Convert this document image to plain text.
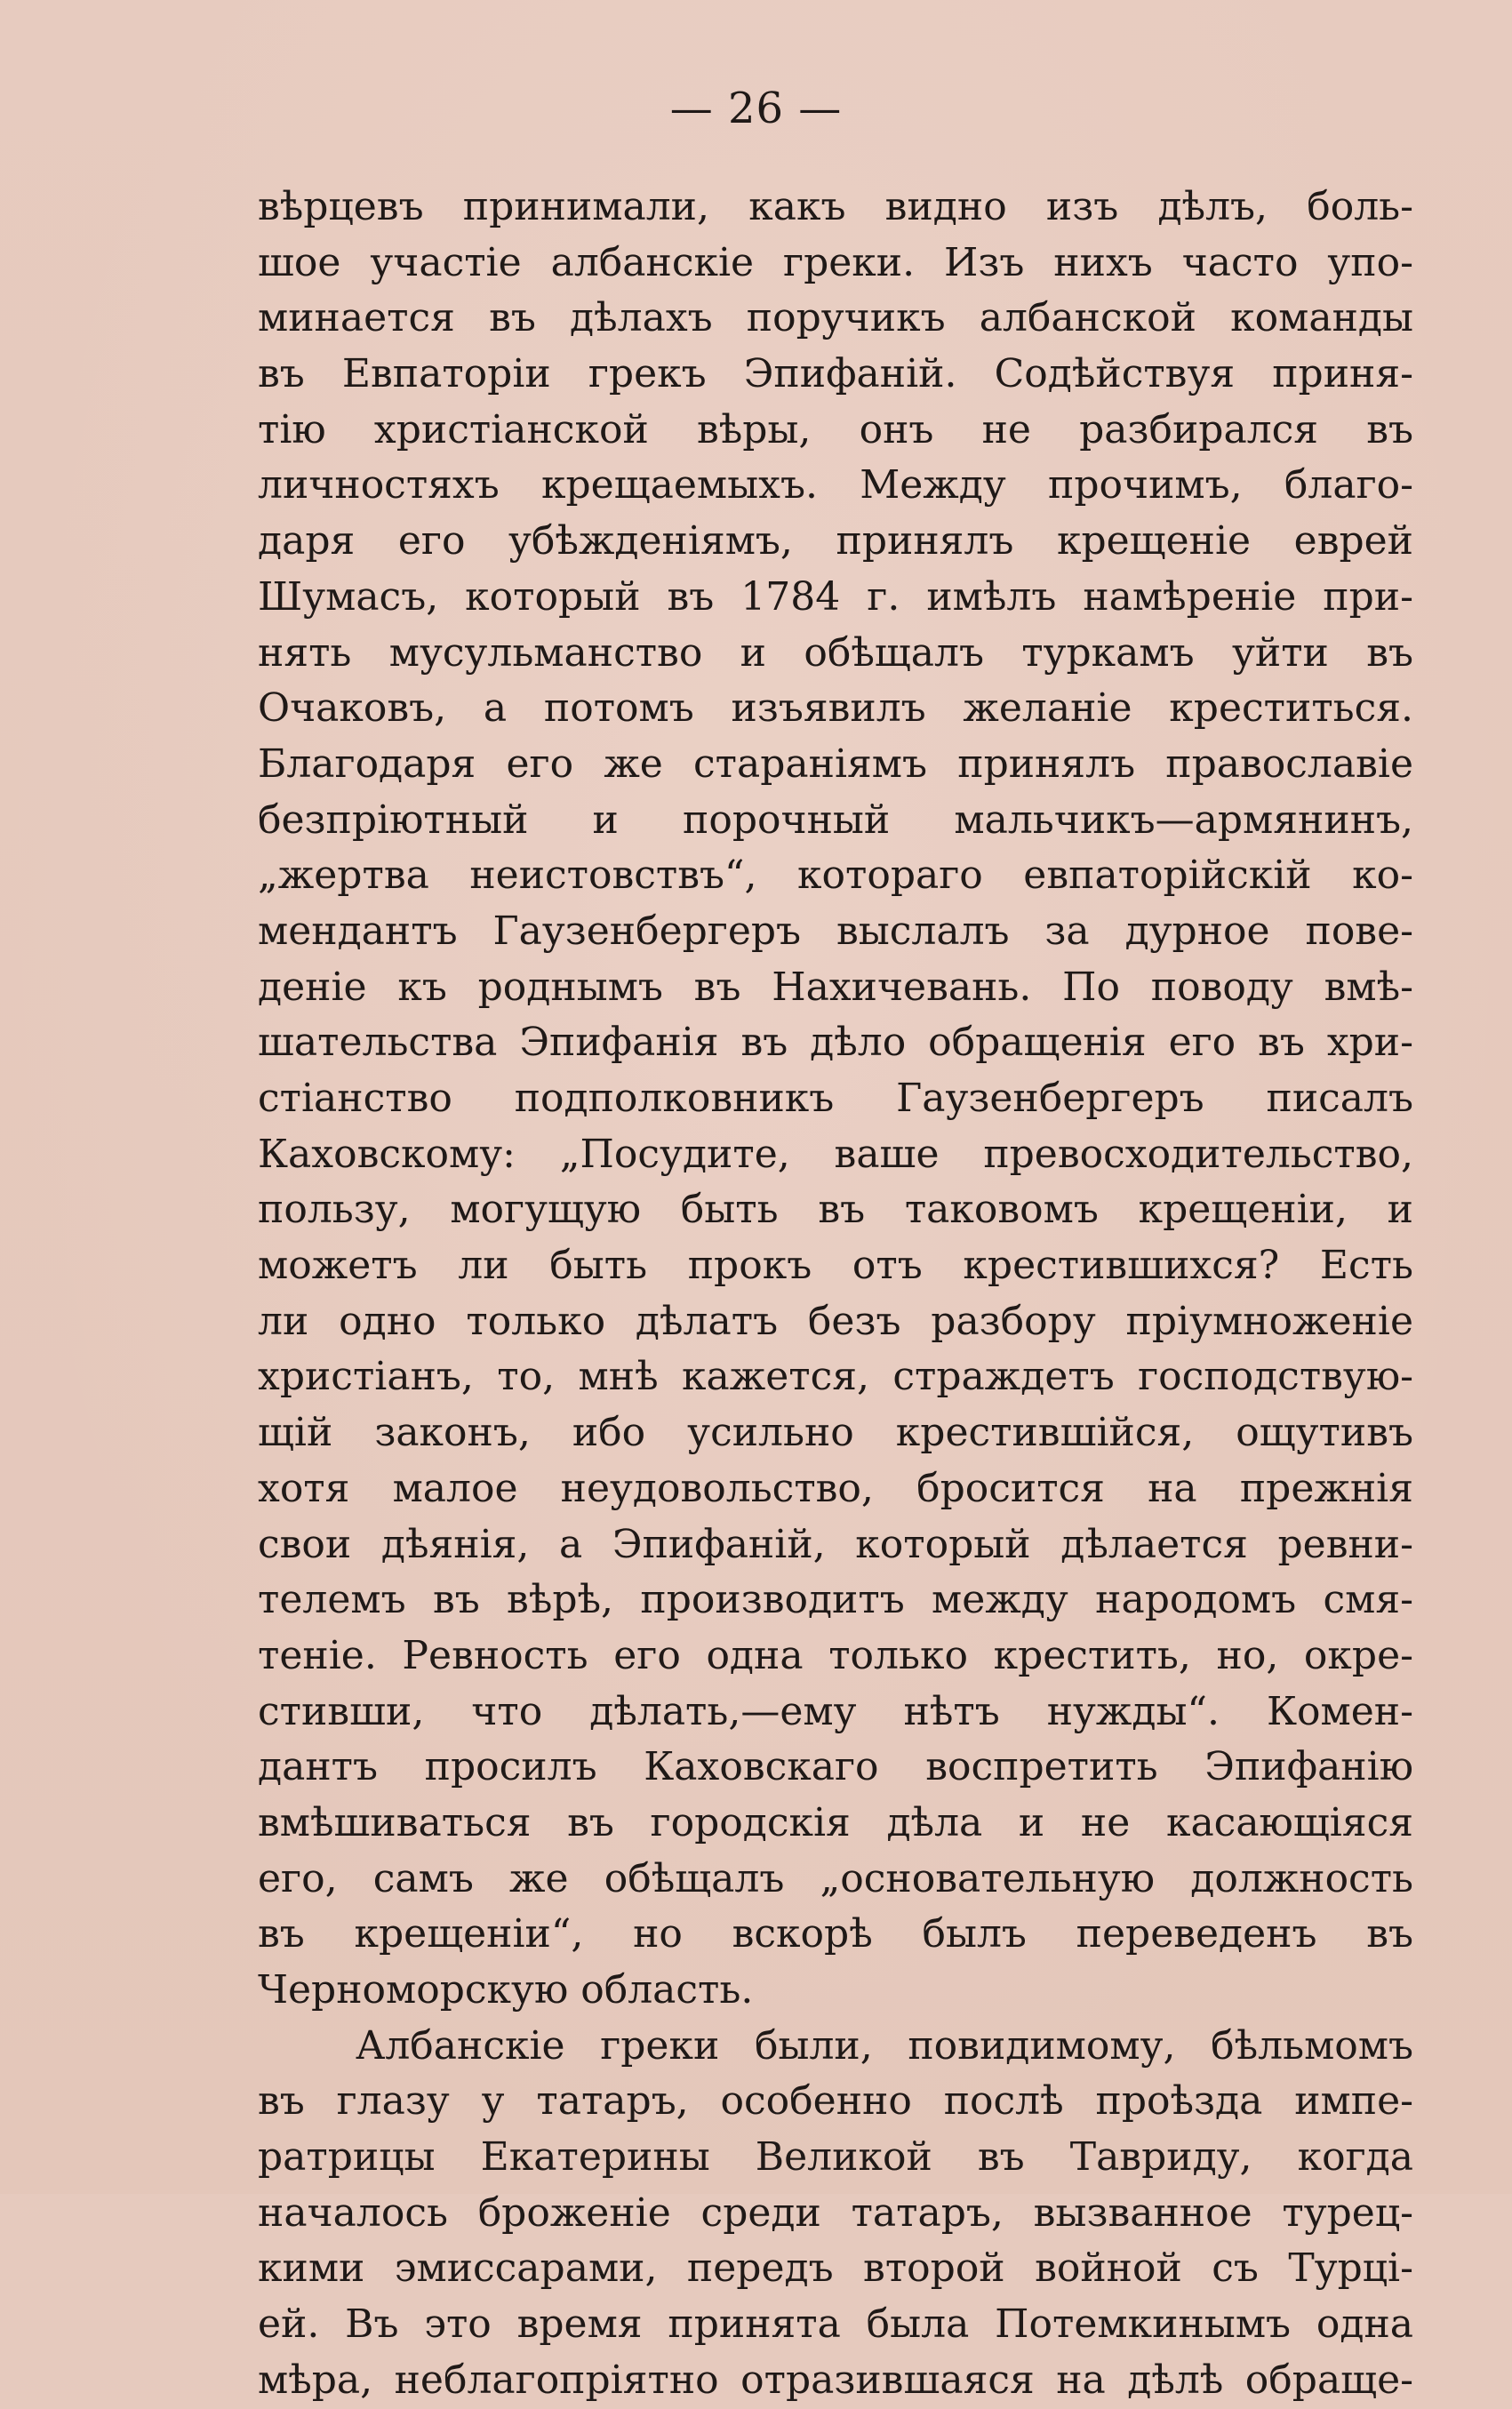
— 26 —
вѣрцевъ принимали, какъ видно изъ дѣлъ, боль-
шое участіе албанскіе греки. Изъ нихъ часто упо-
минается въ дѣлахъ поручикъ албанской команды
въ Евпаторіи грекъ Эпифаній. Содѣйствуя приня-
тію христіанской вѣры, онъ не разбирался въ
личностяхъ крещаемыхъ. Между прочимъ, благо-
даря его убѣжденіямъ, принялъ крещеніе еврей
Шумасъ, который въ 1784 г. имѣлъ намѣреніе при-
нять мусульманство и обѣщалъ туркамъ уйти въ
Очаковъ, а потомъ изъявилъ желаніе креститься.
Благодаря его же стараніямъ принялъ православіе
безпріютный и порочный мальчикъ—армянинъ,
„жертва неистовствъ“, котораго евпаторійскій ко-
мендантъ Гаузенбергеръ выслалъ за дурное пове-
деніе къ роднымъ въ Нахичевань. По поводу вмѣ-
шательства Эпифанія въ дѣло обращенія его въ хри-
стіанство подполковникъ Гаузенбергеръ писалъ
Каховскому: „Посудите, ваше превосходительство,
пользу, могущую быть въ таковомъ крещеніи, и
можетъ ли быть прокъ отъ крестившихся? Есть
ли одно только дѣлатъ безъ разбору пріумноженіе
христіанъ, то, мнѣ кажется, страждетъ господствую-
щій законъ, ибо усильно крестившійся, ощутивъ
хотя малое неудовольство, бросится на прежнія
свои дѣянія, а Эпифаній, который дѣлается ревни-
телемъ въ вѣрѣ, производитъ между народомъ смя-
теніе. Ревность его одна только крестить, но, окре-
стивши, что дѣлать,—ему нѣтъ нужды“. Комен-
дантъ просилъ Каховскаго воспретить Эпифанію
вмѣшиваться въ городскія дѣла и не касающіяся
его, самъ же обѣщалъ „основательную должность
въ крещеніи“, но вскорѣ былъ переведенъ въ
Черноморскую область.
Албанскіе греки были, повидимому, бѣльмомъ
въ глазу у татаръ, особенно послѣ проѣзда импе-
ратрицы Екатерины Великой въ Тавриду, когда
началось броженіе среди татаръ, вызванное турец-
кими эмиссарами, передъ второй войной съ Турці-
ей. Въ это время принята была Потемкинымъ одна
мѣра, неблагопріятно отразившаяся на дѣлѣ обраще-
